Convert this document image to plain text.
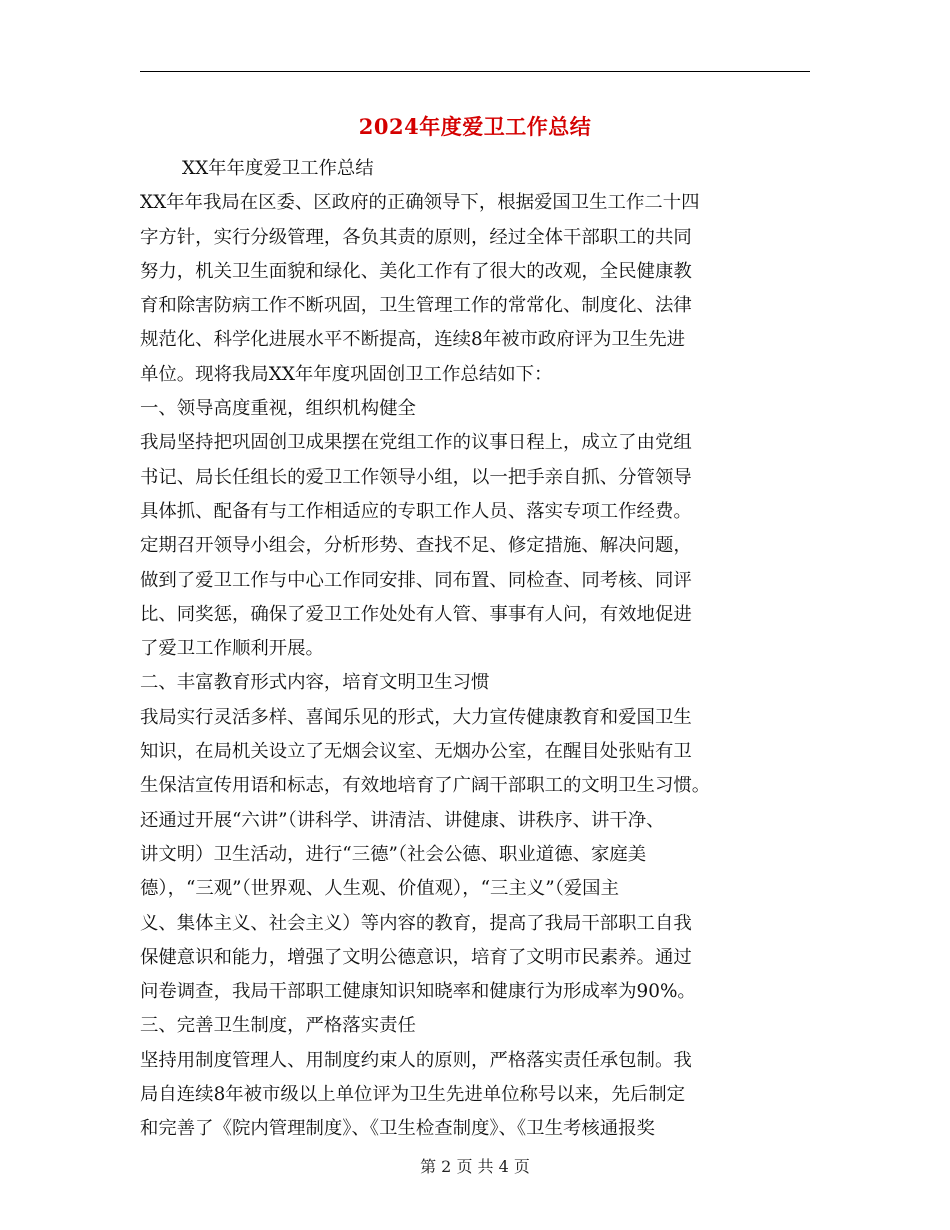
2024年度爱卫工作总结
XX年年度爱卫工作总结
XX年年我局在区委、区政府的正确领导下，根据爱国卫生工作二十四
字方针，实行分级管理，各负其责的原则，经过全体干部职工的共同
努力，机关卫生面貌和绿化、美化工作有了很大的改观，全民健康教
育和除害防病工作不断巩固，卫生管理工作的常常化、制度化、法律
规范化、科学化进展水平不断提高，连续8年被市政府评为卫生先进
单位。现将我局XX年年度巩固创卫工作总结如下：
一、领导高度重视，组织机构健全
我局坚持把巩固创卫成果摆在党组工作的议事日程上，成立了由党组
书记、局长任组长的爱卫工作领导小组，以一把手亲自抓、分管领导
具体抓、配备有与工作相适应的专职工作人员、落实专项工作经费。
定期召开领导小组会，分析形势、查找不足、修定措施、解决问题，
做到了爱卫工作与中心工作同安排、同布置、同检查、同考核、同评
比、同奖惩，确保了爱卫工作处处有人管、事事有人问，有效地促进
了爱卫工作顺利开展。
二、丰富教育形式内容，培育文明卫生习惯
我局实行灵活多样、喜闻乐见的形式，大力宣传健康教育和爱国卫生
知识，在局机关设立了无烟会议室、无烟办公室，在醒目处张贴有卫
生保洁宣传用语和标志，有效地培育了广阔干部职工的文明卫生习惯。
还通过开展“六讲”（讲科学、讲清洁、讲健康、讲秩序、讲干净、
讲文明）卫生活动，进行“三德”（社会公德、职业道德、家庭美
德），“三观”（世界观、人生观、价值观），“三主义”（爱国主
义、集体主义、社会主义）等内容的教育，提高了我局干部职工自我
保健意识和能力，增强了文明公德意识，培育了文明市民素养。通过
问卷调查，我局干部职工健康知识知晓率和健康行为形成率为90%。
三、完善卫生制度，严格落实责任
坚持用制度管理人、用制度约束人的原则，严格落实责任承包制。我
局自连续8年被市级以上单位评为卫生先进单位称号以来，先后制定
和完善了《院内管理制度》、《卫生检查制度》、《卫生考核通报奖
第 2 页 共 4 页
